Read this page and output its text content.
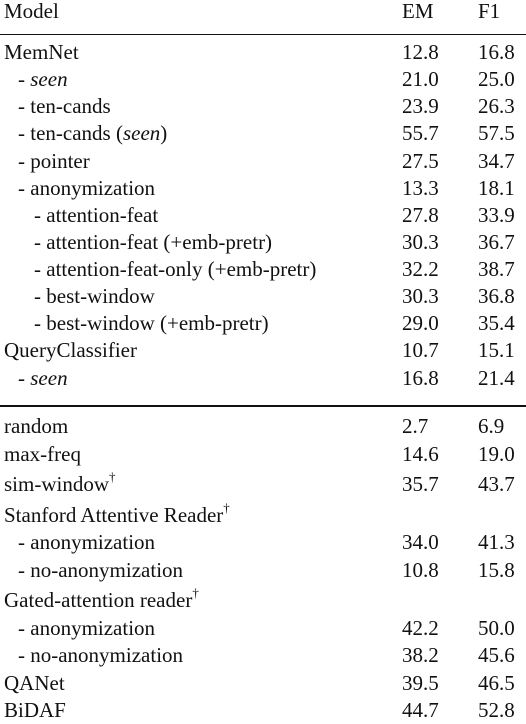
Model	EM F1
MemNet	12.8 16.8
- seen	21.0 25.0
- ten-cands	23.9 26.3
- ten-cands (seen)	55.7 57.5
- pointer	27.5 34.7
- anonymization	13.3 18.1
- attention-feat	27.8 33.9
- attention-feat (+emb-pretr)	30.3 36.7
- attention-feat-only (+emb-pretr)	32.2 38.7
- best-window	30.3 36.8
- best-window (+emb-pretr)	29.0 35.4
QueryClassifier	10.7 15.1
- seen	16.8 21.4
random	2.7 6.9
max-freq	14.6 19.0
sim-window†	35.7 43.7
Stanford Attentive Reader†
- anonymization	34.0 41.3
- no-anonymization	10.8 15.8
Gated-attention reader†
- anonymization	42.2 50.0
- no-anonymization	38.2 45.6
QANet	39.5 46.5
BiDAF	44.7 52.8
